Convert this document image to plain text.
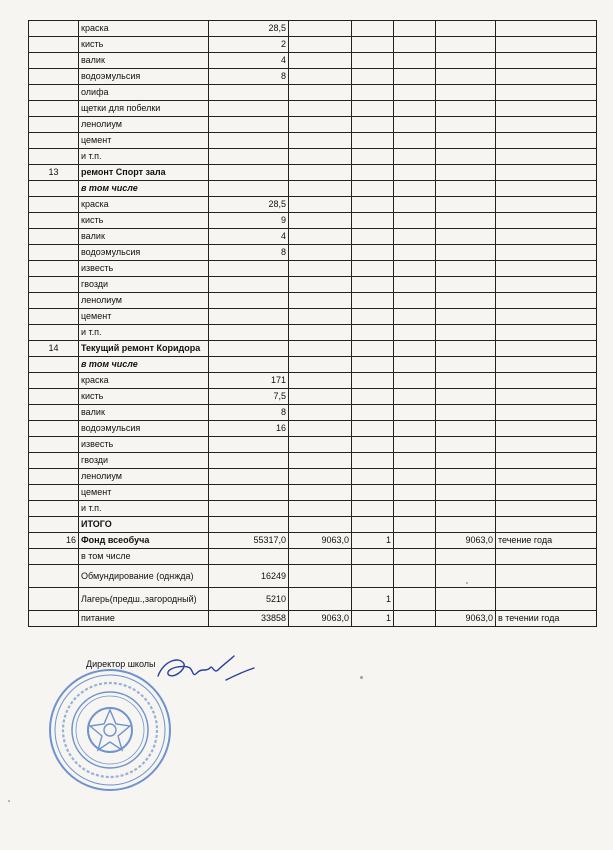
	краска	28,5					
	кисть	2					
	валик	4					
	водоэмульсия	8					
	олифа						
	щетки для побелки						
	ленолиум						
	цемент						
	и т.п.						
13	ремонт Спорт зала						
	в том числе						
	краска	28,5					
	кисть	9					
	валик	4					
	водоэмульсия	8					
	известь						
	гвозди						
	ленолиум						
	цемент						
	и т.п.						
14	Текущий ремонт Коридора						
	в том числе						
	краска	171					
	кисть	7,5					
	валик	8					
	водоэмульсия	16					
	известь						
	гвозди						
	ленолиум						
	цемент						
	и т.п.						
	ИТОГО						
16	Фонд всеобуча	55317,0	9063,0	1		9063,0	течение года
	в том числе						
	Обмундирование (однжда)	16249					
	Лагерь(предш.,загородный)	5210		1			
	питание	33858	9063,0	1		9063,0	в течении года
Директор школы
